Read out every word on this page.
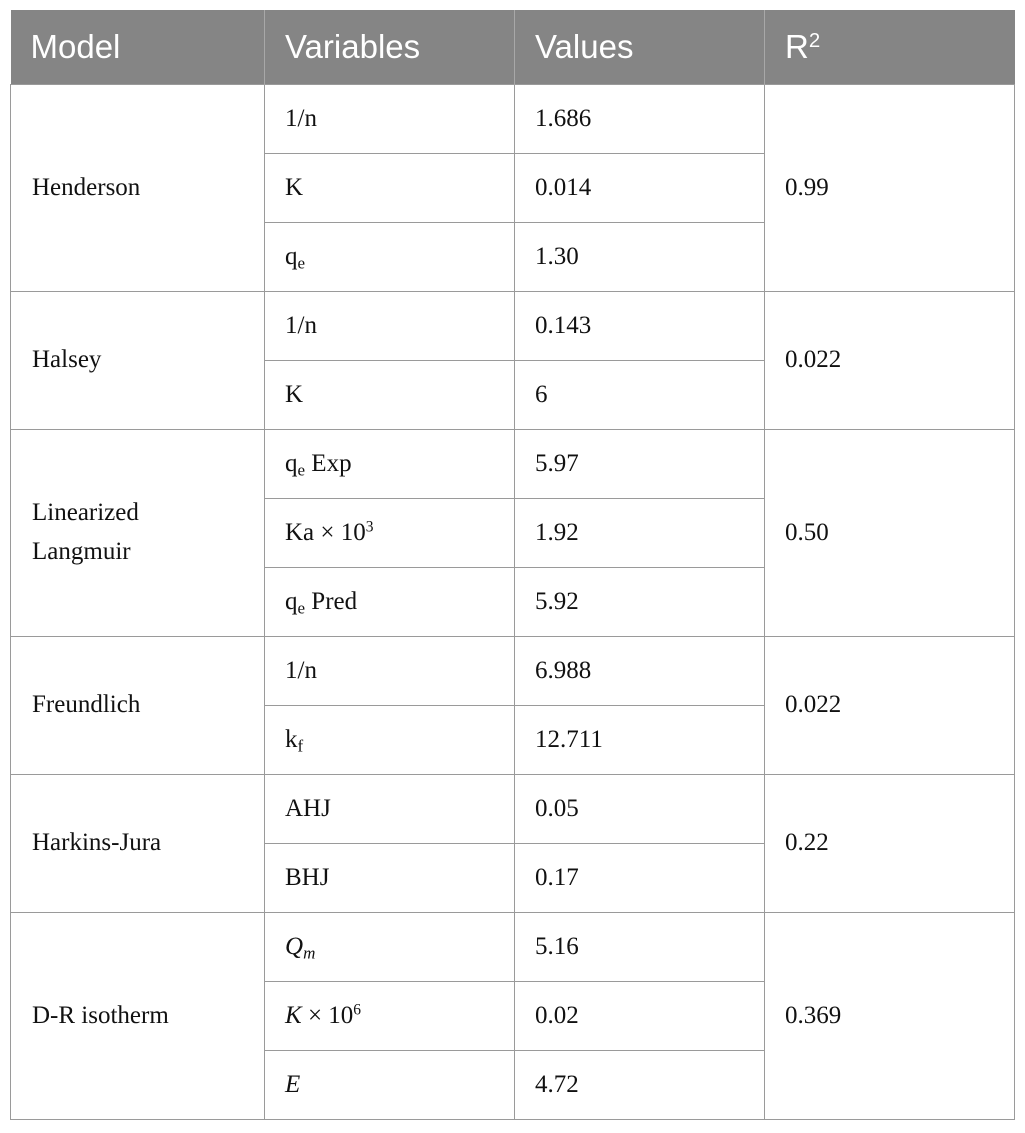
Model	Variables	Values	$R^2$
Henderson	1/n	1.686	0.99
	K	0.014	
	$q_e$	1.30	
Halsey	1/n	0.143	0.022
	K	6	
Linearized
Langmuir	$q_e$ Exp	5.97	0.50
	$Ka \times 10^3$	1.92	
	$q_e$ Pred	5.92	
Freundlich	1/n	6.988	0.022
	$k_f$	12.711	
Harkins-Jura	AHJ	0.05	0.22
	BHJ	0.17	
D-R isotherm	$Q_m$	5.16	0.369
	$K \times 10^6$	0.02	
	E	4.72	
